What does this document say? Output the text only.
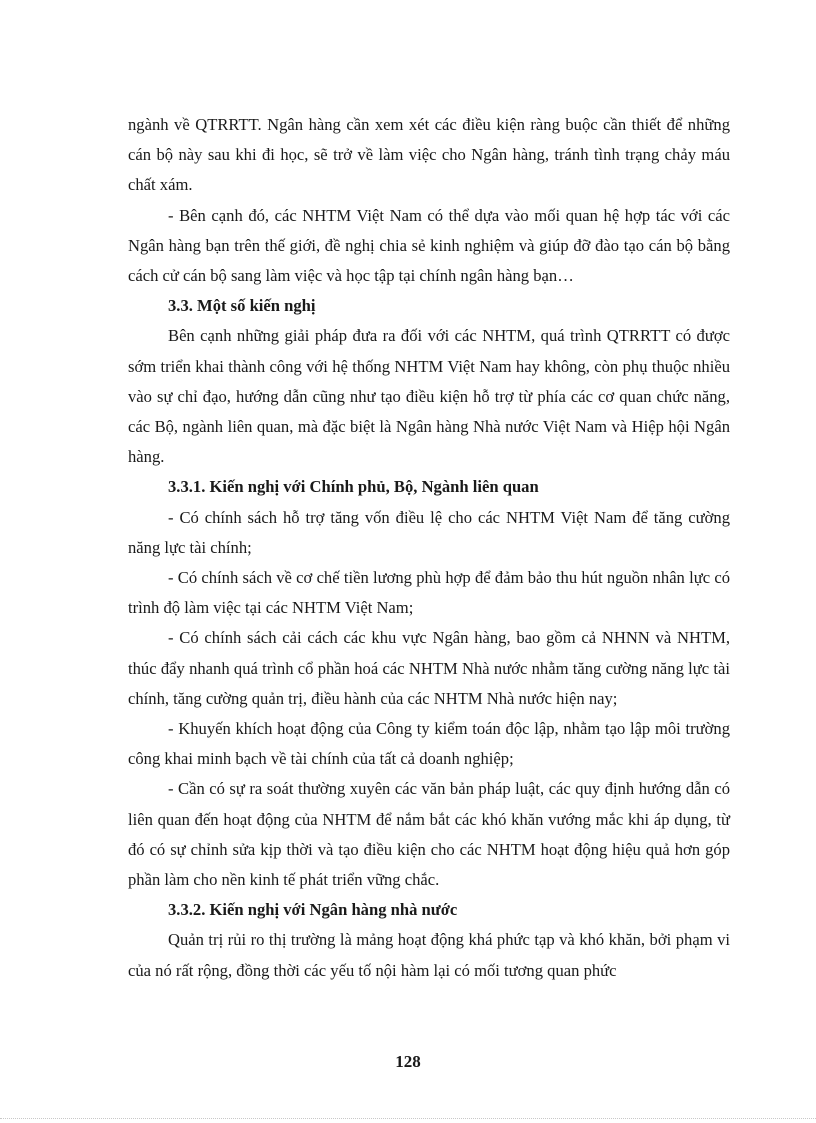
ngành về QTRRTT. Ngân hàng cần xem xét các điều kiện ràng buộc cần thiết để những cán bộ này sau khi đi học, sẽ trở về làm việc cho Ngân hàng, tránh tình trạng chảy máu chất xám.

- Bên cạnh đó, các NHTM Việt Nam có thể dựa vào mối quan hệ hợp tác với các Ngân hàng bạn trên thế giới, đề nghị chia sẻ kinh nghiệm và giúp đỡ đào tạo cán bộ bằng cách cử cán bộ sang làm việc và học tập tại chính ngân hàng bạn…

3.3. Một số kiến nghị

Bên cạnh những giải pháp đưa ra đối với các NHTM, quá trình QTRRTT có được sớm triển khai thành công với hệ thống NHTM Việt Nam hay không, còn phụ thuộc nhiều vào sự chỉ đạo, hướng dẫn cũng như tạo điều kiện hỗ trợ từ phía các cơ quan chức năng, các Bộ, ngành liên quan, mà đặc biệt là Ngân hàng Nhà nước Việt Nam và Hiệp hội Ngân hàng.

3.3.1. Kiến nghị với Chính phủ, Bộ, Ngành liên quan

- Có chính sách hỗ trợ tăng vốn điều lệ cho các NHTM Việt Nam để tăng cường năng lực tài chính;

- Có chính sách về cơ chế tiền lương phù hợp để đảm bảo thu hút nguồn nhân lực có trình độ làm việc tại các NHTM Việt Nam;

- Có chính sách cải cách các khu vực Ngân hàng, bao gồm cả NHNN và NHTM, thúc đẩy nhanh quá trình cổ phần hoá các NHTM Nhà nước nhằm tăng cường năng lực tài chính, tăng cường quản trị, điều hành của các NHTM Nhà nước hiện nay;

- Khuyến khích hoạt động của Công ty kiểm toán độc lập, nhằm tạo lập môi trường công khai minh bạch về tài chính của tất cả doanh nghiệp;

- Cần có sự ra soát thường xuyên các văn bản pháp luật, các quy định hướng dẫn có liên quan đến hoạt động của NHTM để nắm bắt các khó khăn vướng mắc khi áp dụng, từ đó có sự chỉnh sửa kịp thời và tạo điều kiện cho các NHTM hoạt động hiệu quả hơn góp phần làm cho nền kinh tế phát triển vững chắc.

3.3.2. Kiến nghị với Ngân hàng nhà nước

Quản trị rủi ro thị trường là mảng hoạt động khá phức tạp và khó khăn, bởi phạm vi của nó rất rộng, đồng thời các yếu tố nội hàm lại có mối tương quan phức

128
